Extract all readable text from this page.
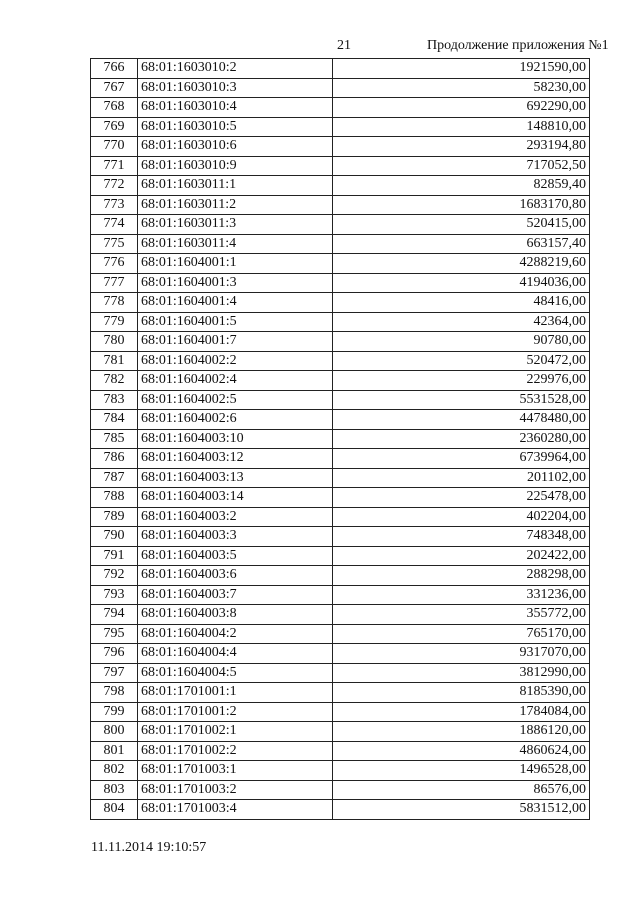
21	Продолжение приложения №1
766	68:01:1603010:2	1921590,00
767	68:01:1603010:3	58230,00
768	68:01:1603010:4	692290,00
769	68:01:1603010:5	148810,00
770	68:01:1603010:6	293194,80
771	68:01:1603010:9	717052,50
772	68:01:1603011:1	82859,40
773	68:01:1603011:2	1683170,80
774	68:01:1603011:3	520415,00
775	68:01:1603011:4	663157,40
776	68:01:1604001:1	4288219,60
777	68:01:1604001:3	4194036,00
778	68:01:1604001:4	48416,00
779	68:01:1604001:5	42364,00
780	68:01:1604001:7	90780,00
781	68:01:1604002:2	520472,00
782	68:01:1604002:4	229976,00
783	68:01:1604002:5	5531528,00
784	68:01:1604002:6	4478480,00
785	68:01:1604003:10	2360280,00
786	68:01:1604003:12	6739964,00
787	68:01:1604003:13	201102,00
788	68:01:1604003:14	225478,00
789	68:01:1604003:2	402204,00
790	68:01:1604003:3	748348,00
791	68:01:1604003:5	202422,00
792	68:01:1604003:6	288298,00
793	68:01:1604003:7	331236,00
794	68:01:1604003:8	355772,00
795	68:01:1604004:2	765170,00
796	68:01:1604004:4	9317070,00
797	68:01:1604004:5	3812990,00
798	68:01:1701001:1	8185390,00
799	68:01:1701001:2	1784084,00
800	68:01:1701002:1	1886120,00
801	68:01:1701002:2	4860624,00
802	68:01:1701003:1	1496528,00
803	68:01:1701003:2	86576,00
804	68:01:1701003:4	5831512,00
11.11.2014 19:10:57
